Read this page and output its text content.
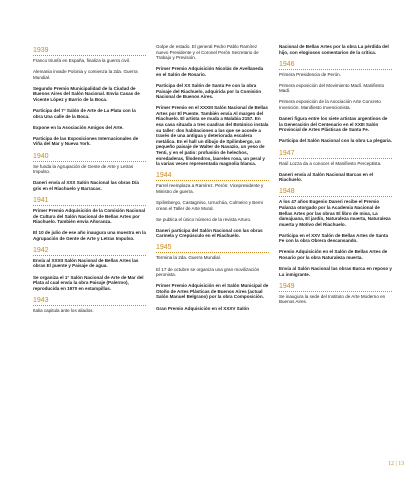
1939
Franco triunfa en España, finaliza la guerra civil.
Alemania invade Polonia y comienza la 2da. Guerra Mundial.
Segundo Premio Municipalidad de la Ciudad de Buenos Aires del Salón Nacional. Envía Casas de Vicente López y Barrio de la Boca.
Participa del 7° Salón de Arte de La Plata con la obra Una calle de la Boca.
Expone en la Asociación Amigos del Arte.
Participa de las Exposiciones Internacionales de Viña del Mar y Nueva York.
1940
Se funda la Agrupación de Gente de Arte y Letras Impulso.
Daneri envía al XXX Salón Nacional las obras Día gris en el Riachuelo y Barracas.
1941
Primer Premio Adquisición de la Comisión Nacional de Cultura del Salón Nacional de Bellas Artes por Riachuelo. También envía Añoranza.
El 10 de julio de ese año inaugura una muestra en la Agrupación de Gente de Arte y Letras Impulso.
1942
Envía al XXXII Salón Nacional de Bellas Artes las obras El puente y Paisaje de agua.
Se organiza el 1° Salón Nacional de Arte de Mar del Plata al cual envía la obra Paisaje (Palermo), reproducida en 1970 en estampillas.
1943
Italia capitula ante los aliados.
Golpe de estado. El general Pedro Pablo Ramírez nuevo Presidente y el Coronel Perón Secretario de Trabajo y Previsión.
Primer Premio Adquisición Nicolás de Avellaneda en el Salón de Rosario.
Participa del XX Salón de Santa Fe con la obra Paisaje del Riachuelo, adquirida por la Comisión Nacional de Buenos Aires.
Primer Premio en el XXXIII Salón Nacional de Bellas Artes por El Puente. También envía Al margen del Riachuelo. El artista se muda a Malabia 2157. En esa casa situada a tres cuadras del Botánico instala su taller: dos habitaciones a las que se accede a través de una antigua y deteriorada escalera metálica. En el hall un dibujo de Spilimbergo, un pequeño paisaje de Walter de Navazio, un yeso de Tenti, y en el patio: profusión de helechos, enredaderas, filodendros, laureles rosa, un peral y la varias veces representada magnolia blanca.
1944
Farrel reemplaza a Ramírez. Perón: Vicepresidente y Ministro de guerra.
Spilimbergo, Castagnino, Urruchúa, Colmeiro y Berni crean el Taller de Arte Mural.
Se publica el único número de la revista Arturo.
Daneri participa del Salón Nacional con las obras Carmela y Crepúsculo en el Riachuelo.
1945
Termina la 2da. Guerra Mundial.
El 17 de octubre se organiza una gran movilización peronista.
Primer Premio Adquisición en el Salón Municipal de Otoño de Artes Plásticas de Buenos Aires (actual Salón Manuel Belgrano) por la obra Composición.
Gran Premio Adquisición en el XXXV Salón
Nacional de Bellas Artes por la obra La pérdida del hijo, con elogiosos comentarios de la crítica.
1946
Primera Presidencia de Perón.
Primera exposición del Movimiento Madí. Manifiesto Madí.
Primera exposición de la Asociación Arte Concreto Invención. Manifiesto Invencionista.
Daneri figura entre los siete artistas argentinos de la Generación del Centenario en el XXIII Salón Provincial de Artes Plásticas de Santa Fe.
Participa del Salón Nacional con la obra La plegaria.
1947
Raúl Lozza da a conocer el Manifiesto Perceptista.
Daneri envía al Salón Nacional Barcas en el Riachuelo.
1948
A los 47 años Eugenio Daneri recibe el Premio Palanza otorgado por la Academia Nacional de Bellas Artes por las obras El libro de misa, La damajuana, El jardín, Naturaleza muerta, Naturaleza muerta y Motivo del Riachuelo.
Participa en el XXV Salón de Bellas Artes de Santa Fe con la obra Obrera descansando.
Premio Adquisición en el Salón de Bellas Artes de Rosario por la obra Naturaleza muerta.
Envía al Salón Nacional las obras Barca en reposo y La inmigrante.
1949
Se inaugura la sede del Instituto de Arte Moderno en Buenos Aires.
12 | 13
